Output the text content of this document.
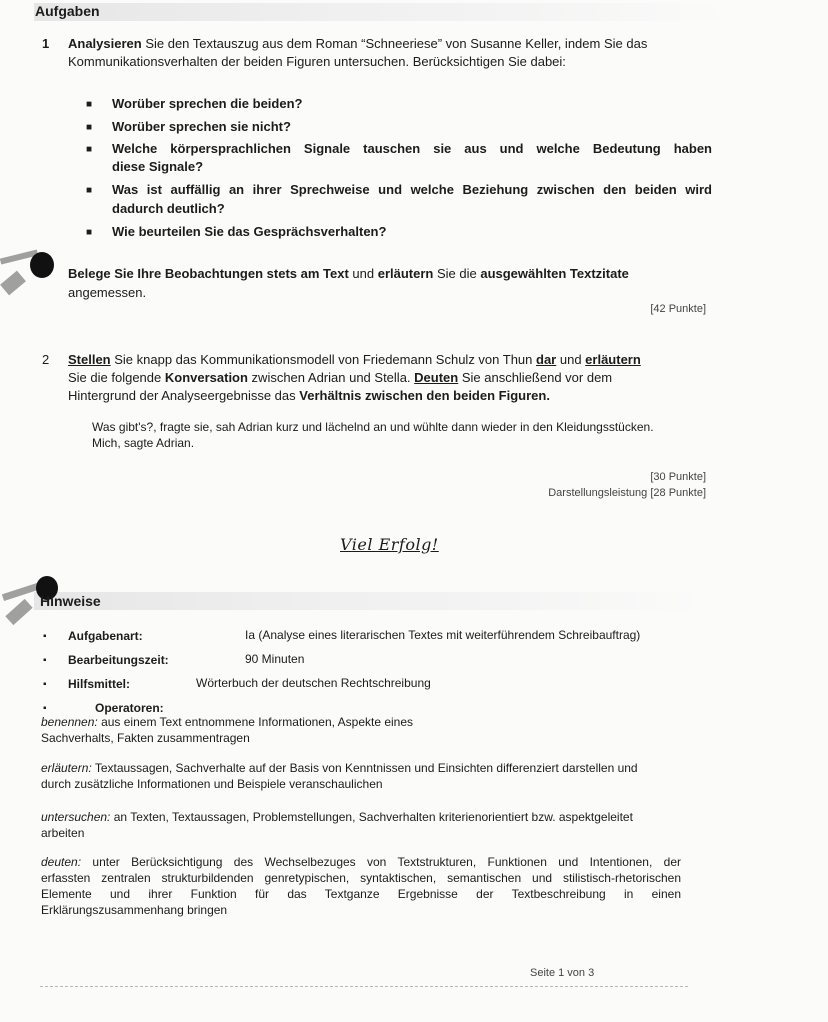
Aufgaben
1 Analysieren Sie den Textauszug aus dem Roman “Schneeriese” von Susanne Keller, indem Sie das
Kommunikationsverhalten der beiden Figuren untersuchen. Berücksichtigen Sie dabei:
■ Worüber sprechen die beiden?
■ Worüber sprechen sie nicht?
■ Welche körpersprachlichen Signale tauschen sie aus und welche Bedeutung haben
diese Signale?
■ Was ist auffällig an ihrer Sprechweise und welche Beziehung zwischen den beiden wird
dadurch deutlich?
■ Wie beurteilen Sie das Gesprächsverhalten?
Belege Sie Ihre Beobachtungen stets am Text und erläutern Sie die ausgewählten Textzitate
angemessen.
[42 Punkte]
2 Stellen Sie knapp das Kommunikationsmodell von Friedemann Schulz von Thun dar und erläutern
Sie die folgende Konversation zwischen Adrian und Stella. Deuten Sie anschließend vor dem
Hintergrund der Analyseergebnisse das Verhältnis zwischen den beiden Figuren.
Was gibt's?, fragte sie, sah Adrian kurz und lächelnd an und wühlte dann wieder in den Kleidungsstücken.
Mich, sagte Adrian.
[30 Punkte]
Darstellungsleistung [28 Punkte]
Viel Erfolg!
Hinweise
▪ Aufgabenart:	Ia (Analyse eines literarischen Textes mit weiterführendem Schreibauftrag)
▪ Bearbeitungszeit:	90 Minuten
▪ Hilfsmittel:	Wörterbuch der deutschen Rechtschreibung
▪	Operatoren:
benennen: aus einem Text entnommene Informationen, Aspekte eines
Sachverhalts, Fakten zusammentragen
erläutern: Textaussagen, Sachverhalte auf der Basis von Kenntnissen und Einsichten differenziert darstellen und
durch zusätzliche Informationen und Beispiele veranschaulichen
untersuchen: an Texten, Textaussagen, Problemstellungen, Sachverhalten kriterienorientiert bzw. aspektgeleitet
arbeiten
deuten: unter Berücksichtigung des Wechselbezuges von Textstrukturen, Funktionen und Intentionen, der
erfassten zentralen strukturbildenden genretypischen, syntaktischen, semantischen und stilistisch-rhetorischen
Elemente und ihrer Funktion für das Textganze Ergebnisse der Textbeschreibung in einen
Erklärungszusammenhang bringen
Seite 1 von 3
